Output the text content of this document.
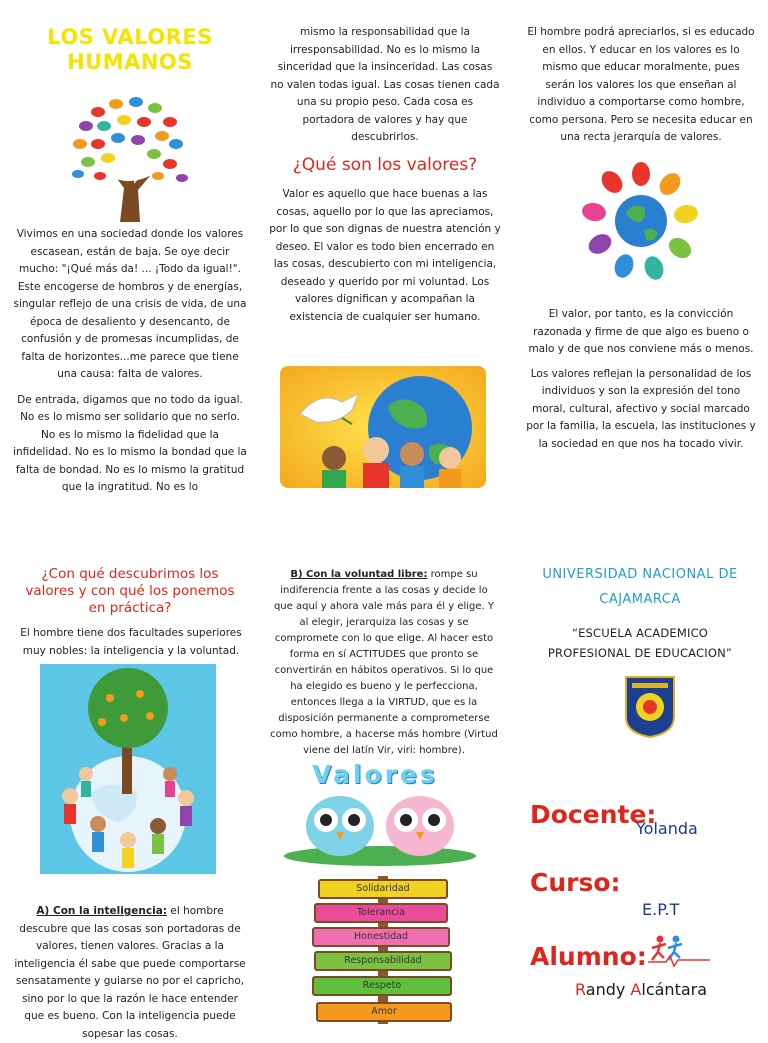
LOS VALORES HUMANOS

Vivimos en una sociedad donde los valores escasean, están de baja. Se oye decir mucho: "¡Qué más da! ... ¡Todo da igual!". Este encogerse de hombros y de energías, singular reflejo de una crisis de vida, de una época de desaliento y desencanto, de confusión y de promesas incumplidas, de falta de horizontes...me parece que tiene una causa: falta de valores.

De entrada, digamos que no todo da igual. No es lo mismo ser solidario que no serlo. No es lo mismo la fidelidad que la infidelidad. No es lo mismo la bondad que la falta de bondad. No es lo mismo la gratitud que la ingratitud. No es lo

mismo la responsabilidad que la irresponsabilidad. No es lo mismo la sinceridad que la insinceridad. Las cosas no valen todas igual. Las cosas tienen cada una su propio peso. Cada cosa es portadora de valores y hay que descubrirlos.

¿Qué son los valores?

Valor es aquello que hace buenas a las cosas, aquello por lo que las apreciamos, por lo que son dignas de nuestra atención y deseo. El valor es todo bien encerrado en las cosas, descubierto con mi inteligencia, deseado y querido por mi voluntad. Los valores dignifican y acompañan la existencia de cualquier ser humano.

El hombre podrá apreciarlos, si es educado en ellos. Y educar en los valores es lo mismo que educar moralmente, pues serán los valores los que enseñan al individuo a comportarse como hombre, como persona. Pero se necesita educar en una recta jerarquía de valores.

El valor, por tanto, es la convicción razonada y firme de que algo es bueno o malo y de que nos conviene más o menos.

Los valores reflejan la personalidad de los individuos y son la expresión del tono moral, cultural, afectivo y social marcado por la familia, la escuela, las instituciones y la sociedad en que nos ha tocado vivir.

¿Con qué descubrimos los valores y con qué los ponemos en práctica?

El hombre tiene dos facultades superiores muy nobles: la inteligencia y la voluntad.

A) Con la inteligencia: el hombre descubre que las cosas son portadoras de valores, tienen valores. Gracias a la inteligencia él sabe que puede comportarse sensatamente y guiarse no por el capricho, sino por lo que la razón le hace entender que es bueno. Con la inteligencia puede sopesar las cosas.

B) Con la voluntad libre: rompe su indiferencia frente a las cosas y decide lo que aquí y ahora vale más para él y elige. Y al elegir, jerarquiza las cosas y se compromete con lo que elige. Al hacer esto forma en sí ACTITUDES que pronto se convertirán en hábitos operativos. Si lo que ha elegido es bueno y le perfecciona, entonces llega a la VIRTUD, que es la disposición permanente a comprometerse como hombre, a hacerse más hombre (Virtud viene del latín Vir, viri: hombre).

Valores
Solidaridad
Tolerancia
Honestidad
Responsabilidad
Respeto
Amor
UNIVERSIDAD NACIONAL DE CAJAMARCA
“ESCUELA ACADEMICO PROFESIONAL DE EDUCACION”
Docente:
Yolanda
Curso:
E.P.T
Alumno:
Randy Alcántara
